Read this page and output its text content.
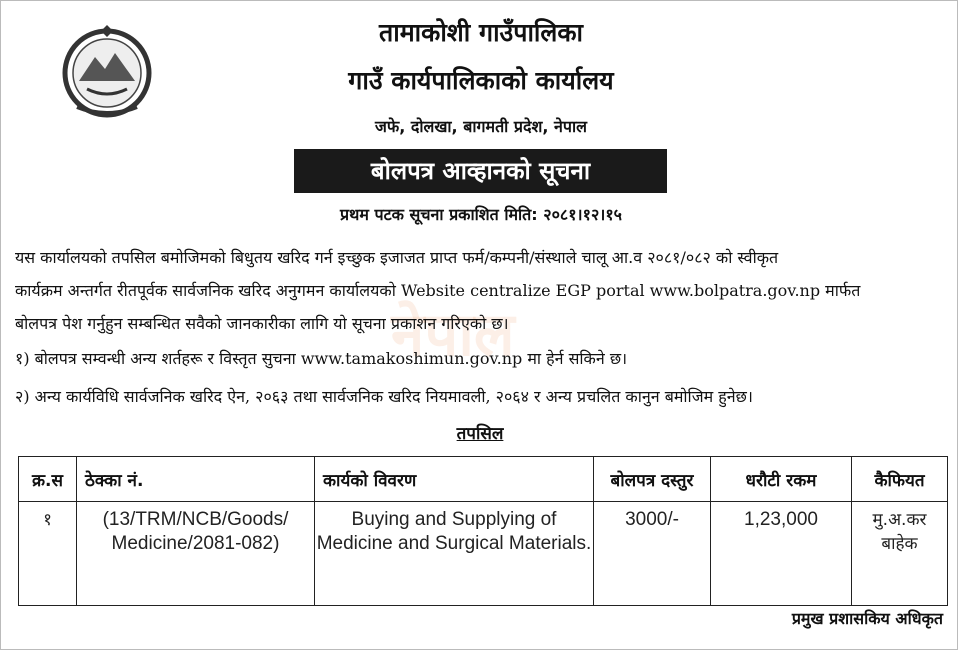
तामाकोशी गाउँपालिका
गाउँ कार्यपालिकाको कार्यालय
जफे, दोलखा, बागमती प्रदेश, नेपाल
बोलपत्र आव्हानको सूचना
प्रथम पटक सूचना प्रकाशित मिति: २०८१।१२।१५
नेपाल
यस कार्यालयको तपसिल बमोजिमको बिधुतय खरिद गर्न इच्छुक इजाजत प्राप्त फर्म/कम्पनी/संस्थाले चालू आ.व २०८१/०८२ को स्वीकृत
कार्यक्रम अन्तर्गत रीतपूर्वक सार्वजनिक खरिद अनुगमन कार्यालयको Website centralize EGP portal www.bolpatra.gov.np मार्फत
बोलपत्र पेश गर्नुहुन सम्बन्धित सवैको जानकारीका लागि यो सूचना प्रकाशन गरिएको छ।
१) बोलपत्र सम्वन्धी अन्य शर्तहरू र विस्तृत सुचना www.tamakoshimun.gov.np मा हेर्न सकिने छ।
२) अन्य कार्यविधि सार्वजनिक खरिद ऐन, २०६३ तथा सार्वजनिक खरिद नियमावली, २०६४ र अन्य प्रचलित कानुन बमोजिम हुनेछ।
तपसिल
क्र.स	ठेक्का नं.	कार्यको विवरण	बोलपत्र दस्तुर	धरौटी रकम	कैफियत
१	(13/TRM/NCB/Goods/ Medicine/2081-082)	Buying and Supplying of Medicine and Surgical Materials.	3000/-	1,23,000	मु.अ.कर बाहेक
प्रमुख प्रशासकिय अधिकृत
